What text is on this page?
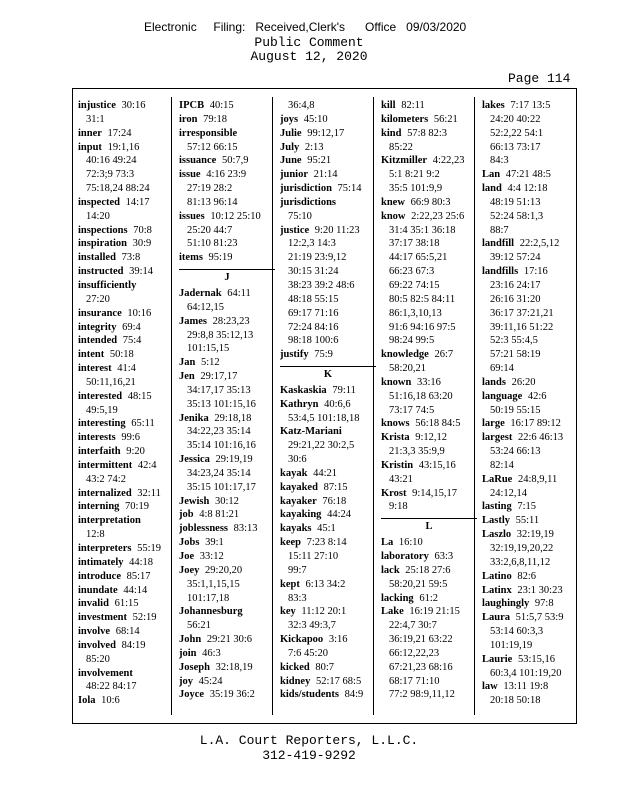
Electronic     Filing:   Received,Clerk's      Office   09/03/2020
Public Comment
August 12, 2020
Page 114
injustice 30:16
31:1
inner 17:24
input 19:1,16
40:16 49:24
72:3;9 73:3
75:18,24 88:24
inspected 14:17
14:20
inspections 70:8
inspiration 30:9
installed 73:8
instructed 39:14
insufficiently
27:20
insurance 10:16
integrity 69:4
intended 75:4
intent 50:18
interest 41:4
50:11,16,21
interested 48:15
49:5,19
interesting 65:11
interests 99:6
interfaith 9:20
intermittent 42:4
43:2 74:2
internalized 32:11
interning 70:19
interpretation
12:8
interpreters 55:19
intimately 44:18
introduce 85:17
inundate 44:14
invalid 61:15
investment 52:19
involve 68:14
involved 84:19
85:20
involvement
48:22 84:17
Iola 10:6
IPCB 40:15
iron 79:18
irresponsible
57:12 66:15
issuance 50:7,9
issue 4:16 23:9
27:19 28:2
81:13 96:14
issues 10:12 25:10
25:20 44:7
51:10 81:23
items 95:19
J
Jadernak 64:11
64:12,15
James 28:23,23
29:8,8 35:12,13
101:15,15
Jan 5:12
Jen 29:17,17
34:17,17 35:13
35:13 101:15,16
Jenika 29:18,18
34:22,23 35:14
35:14 101:16,16
Jessica 29:19,19
34:23,24 35:14
35:15 101:17,17
Jewish 30:12
job 4:8 81:21
joblessness 83:13
Jobs 39:1
Joe 33:12
Joey 29:20,20
35:1,1,15,15
101:17,18
Johannesburg
56:21
John 29:21 30:6
join 46:3
Joseph 32:18,19
joy 45:24
Joyce 35:19 36:2
36:4,8
joys 45:10
Julie 99:12,17
July 2:13
June 95:21
junior 21:14
jurisdiction 75:14
jurisdictions
75:10
justice 9:20 11:23
12:2,3 14:3
21:19 23:9,12
30:15 31:24
38:23 39:2 48:6
48:18 55:15
69:17 71:16
72:24 84:16
98:18 100:6
justify 75:9
K
Kaskaskia 79:11
Kathryn 40:6,6
53:4,5 101:18,18
Katz-Mariani
29:21,22 30:2,5
30:6
kayak 44:21
kayaked 87:15
kayaker 76:18
kayaking 44:24
kayaks 45:1
keep 7:23 8:14
15:11 27:10
99:7
kept 6:13 34:2
83:3
key 11:12 20:1
32:3 49:3,7
Kickapoo 3:16
7:6 45:20
kicked 80:7
kidney 52:17 68:5
kids/students 84:9
kill 82:11
kilometers 56:21
kind 57:8 82:3
85:22
Kitzmiller 4:22,23
5:1 8:21 9:2
35:5 101:9,9
knew 66:9 80:3
know 2:22,23 25:6
31:4 35:1 36:18
37:17 38:18
44:17 65:5,21
66:23 67:3
69:22 74:15
80:5 82:5 84:11
86:1,3,10,13
91:6 94:16 97:5
98:24 99:5
knowledge 26:7
58:20,21
known 33:16
51:16,18 63:20
73:17 74:5
knows 56:18 84:5
Krista 9:12,12
21:3,3 35:9,9
Kristin 43:15,16
43:21
Krost 9:14,15,17
9:18
L
La 16:10
laboratory 63:3
lack 25:18 27:6
58:20,21 59:5
lacking 61:2
Lake 16:19 21:15
22:4,7 30:7
36:19,21 63:22
66:12,22,23
67:21,23 68:16
68:17 71:10
77:2 98:9,11,12
lakes 7:17 13:5
24:20 40:22
52:2,22 54:1
66:13 73:17
84:3
Lan 47:21 48:5
land 4:4 12:18
48:19 51:13
52:24 58:1,3
88:7
landfill 22:2,5,12
39:12 57:24
landfills 17:16
23:16 24:17
26:16 31:20
36:17 37:21,21
39:11,16 51:22
52:3 55:4,5
57:21 58:19
69:14
lands 26:20
language 42:6
50:19 55:15
large 16:17 89:12
largest 22:6 46:13
53:24 66:13
82:14
LaRue 24:8,9,11
24:12,14
lasting 7:15
Lastly 55:11
Laszlo 32:19,19
32:19,19,20,22
33:2,6,8,11,12
Latino 82:6
Latinx 23:1 30:23
laughingly 97:8
Laura 51:5,7 53:9
53:14 60:3,3
101:19,19
Laurie 53:15,16
60:3,4 101:19,20
law 13:11 19:8
20:18 50:18
L.A. Court Reporters, L.L.C.
312-419-9292
